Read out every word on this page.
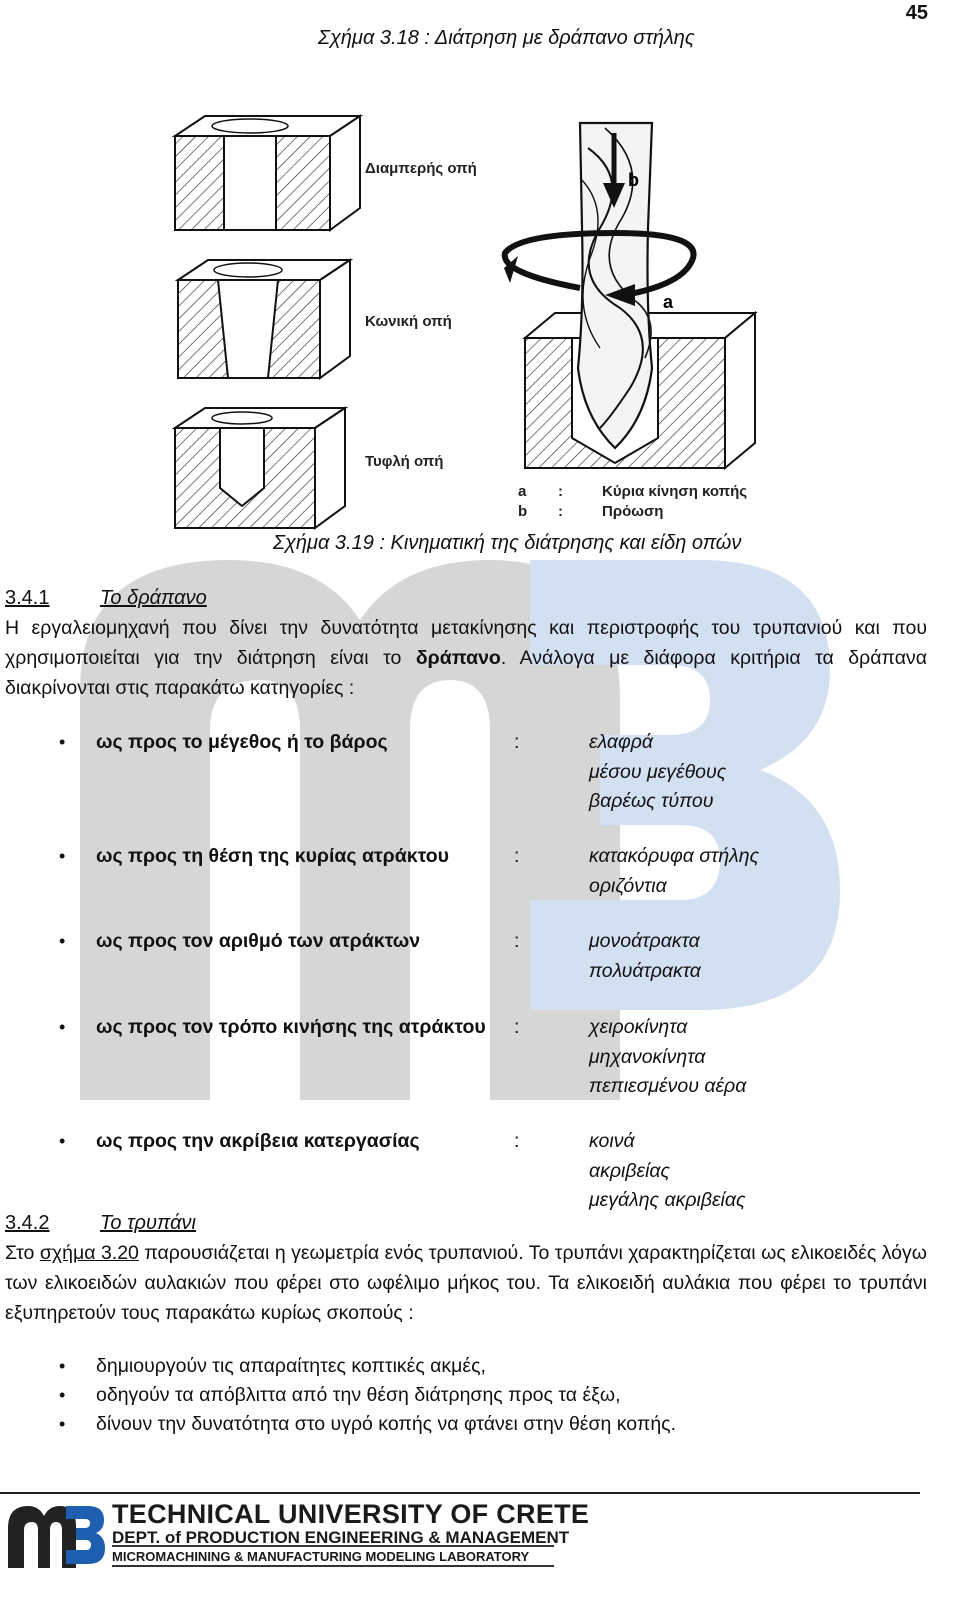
45
Σχήμα 3.18 : Διάτρηση με δράπανο στήλης
b
a
Διαμπερής οπή
Κωνική οπή
Τυφλή οπή
a :	Κύρια κίνηση κοπής
b :	Πρόωση
Σχήμα 3.19 : Κινηματική της διάτρησης και είδη οπών
3.4.1	Το δράπανο
Η εργαλειομηχανή που δίνει την δυνατότητα μετακίνησης και περιστροφής του τρυπανιού και που χρησιμοποιείται για την διάτρηση είναι το δράπανο. Ανάλογα με διάφορα κριτήρια τα δράπανα διακρίνονται στις παρακάτω κατηγορίες :
• ως προς το μέγεθος ή το βάρος	:	ελαφρά
μέσου μεγέθους
βαρέως τύπου
• ως προς τη θέση της κυρίας ατράκτου	:	κατακόρυφα στήλης
οριζόντια
• ως προς τον αριθμό των ατράκτων	:	μονοάτρακτα
πολυάτρακτα
• ως προς τον τρόπο κινήσης της ατράκτου :	χειροκίνητα
μηχανοκίνητα
πεπιεσμένου αέρα
• ως προς την ακρίβεια κατεργασίας	:	κοινά
ακριβείας
μεγάλης ακριβείας
3.4.2	Το τρυπάνι
Στο σχήμα 3.20 παρουσιάζεται η γεωμετρία ενός τρυπανιού. Το τρυπάνι χαρακτηρίζεται ως ελικοειδές λόγω των ελικοειδών αυλακιών που φέρει στο ωφέλιμο μήκος του. Τα ελικοειδή αυλάκια που φέρει το τρυπάνι εξυπηρετούν τους παρακάτω κυρίως σκοπούς :
• δημιουργούν τις απαραίτητες κοπτικές ακμές,
• οδηγούν τα απόβλιττα από την θέση διάτρησης προς τα έξω,
• δίνουν την δυνατότητα στο υγρό κοπής να φτάνει στην θέση κοπής.
TECHNICAL UNIVERSITY OF CRETE
DEPT. of PRODUCTION ENGINEERING & MANAGEMENT
MICROMACHINING & MANUFACTURING MODELING LABORATORY
